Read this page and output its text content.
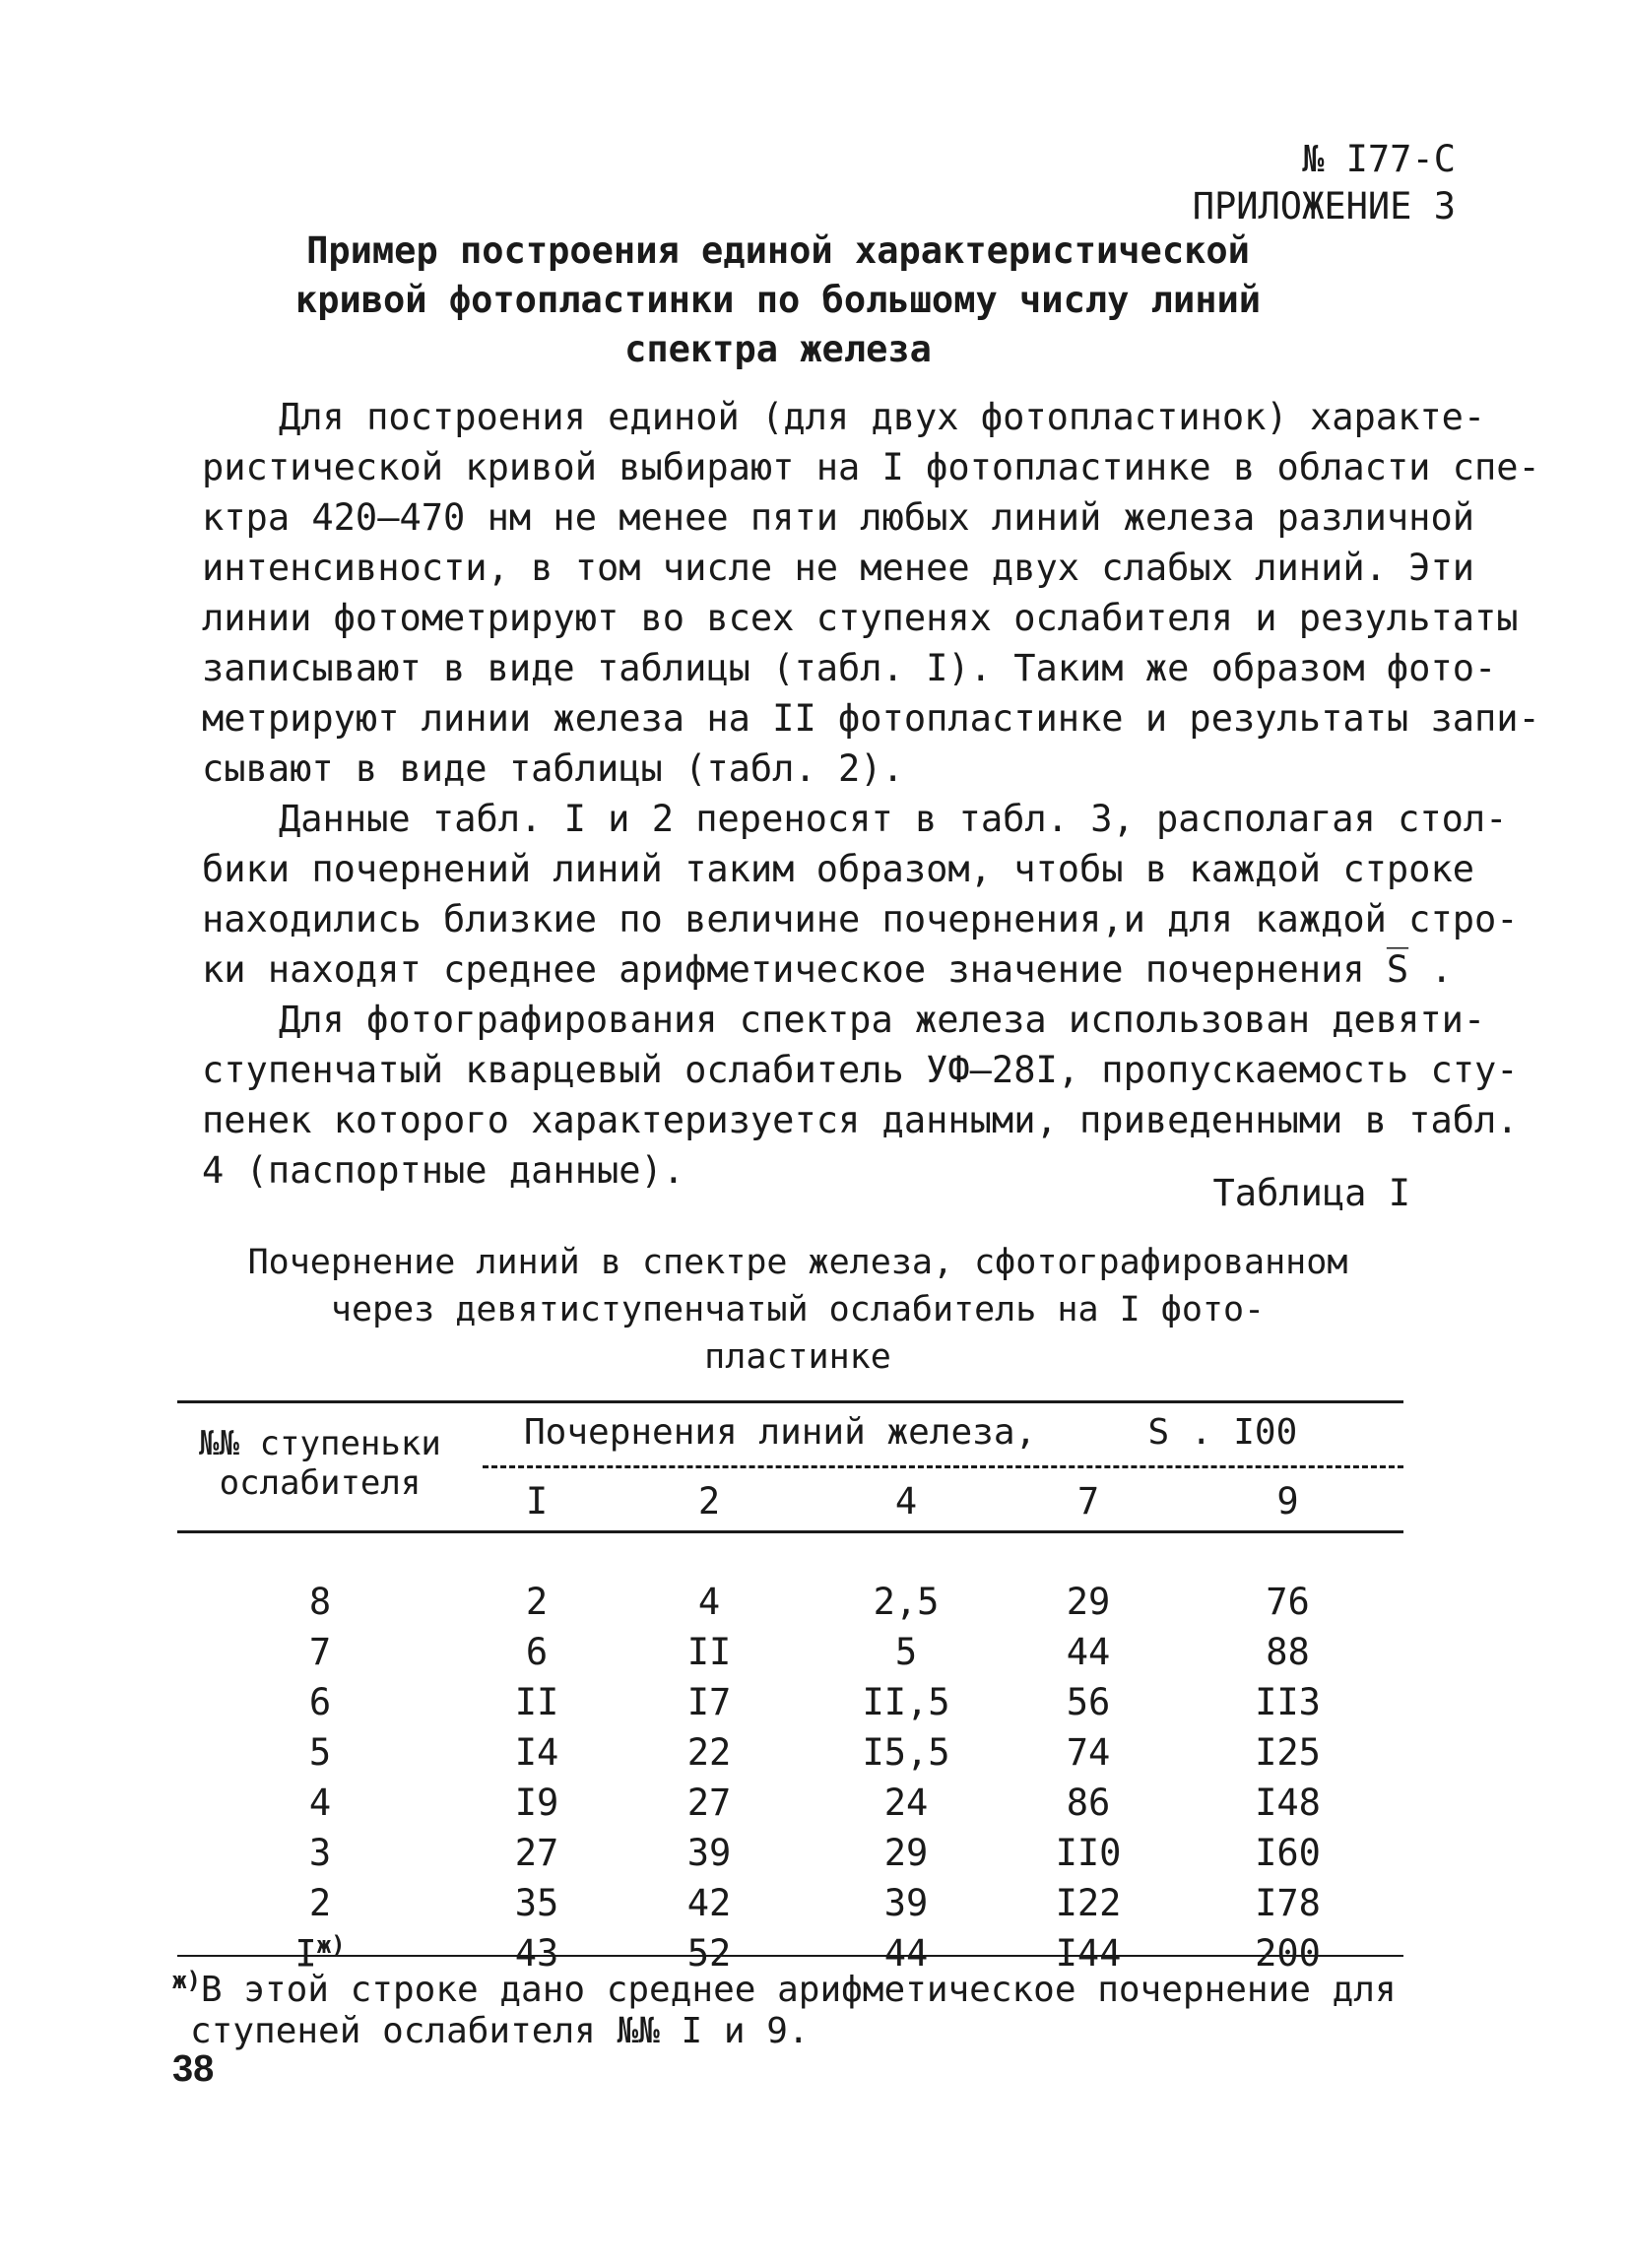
№ I77-С
ПРИЛОЖЕНИЕ 3
Пример построения единой характеристической
кривой фотопластинки по большому числу линий
спектра железа
Для построения единой (для двух фотопластинок) характе-
ристической кривой выбирают на I фотопластинке в области спе-
ктра 420–470 нм не менее пяти любых линий железа различной
интенсивности, в том числе не менее двух слабых линий. Эти
линии фотометрируют во всех ступенях ослабителя и результаты
записывают в виде таблицы (табл. I). Таким же образом фото-
метрируют линии железа на II фотопластинке и результаты запи-
сывают в виде таблицы (табл. 2).
Данные табл. I и 2 переносят в табл. 3, располагая стол-
бики почернений линий таким образом, чтобы в каждой строке
находились близкие по величине почернения,и для каждой стро-
ки находят среднее арифметическое значение почернения S̅ .
Для фотографирования спектра железа использован девяти-
ступенчатый кварцевый ослабитель УФ–28I, пропускаемость сту-
пенек которого характеризуется данными, приведенными в табл.
4 (паспортные данные).
Таблица I
Почернение линий в спектре железа, сфотографированном
через девятиступенчатый ослабитель на I фото-
пластинке
№№ ступеньки
ослабителя
Почернения линий железа,	S . I00
	I	2	4	7	9

8	2	4	2,5	29	76
7	6	II	5	44	88
6	II	I7	II,5	56	II3
5	I4	22	I5,5	74	I25
4	I9	27	24	86	I48
3	27	39	29	II0	I60
2	35	42	39	I22	I78
$I^{ж)}$	43	52	44	I44	200
$^{ж)}$В этой строке дано среднее арифметическое почернение для
ступеней ослабителя №№ I и 9.
38
